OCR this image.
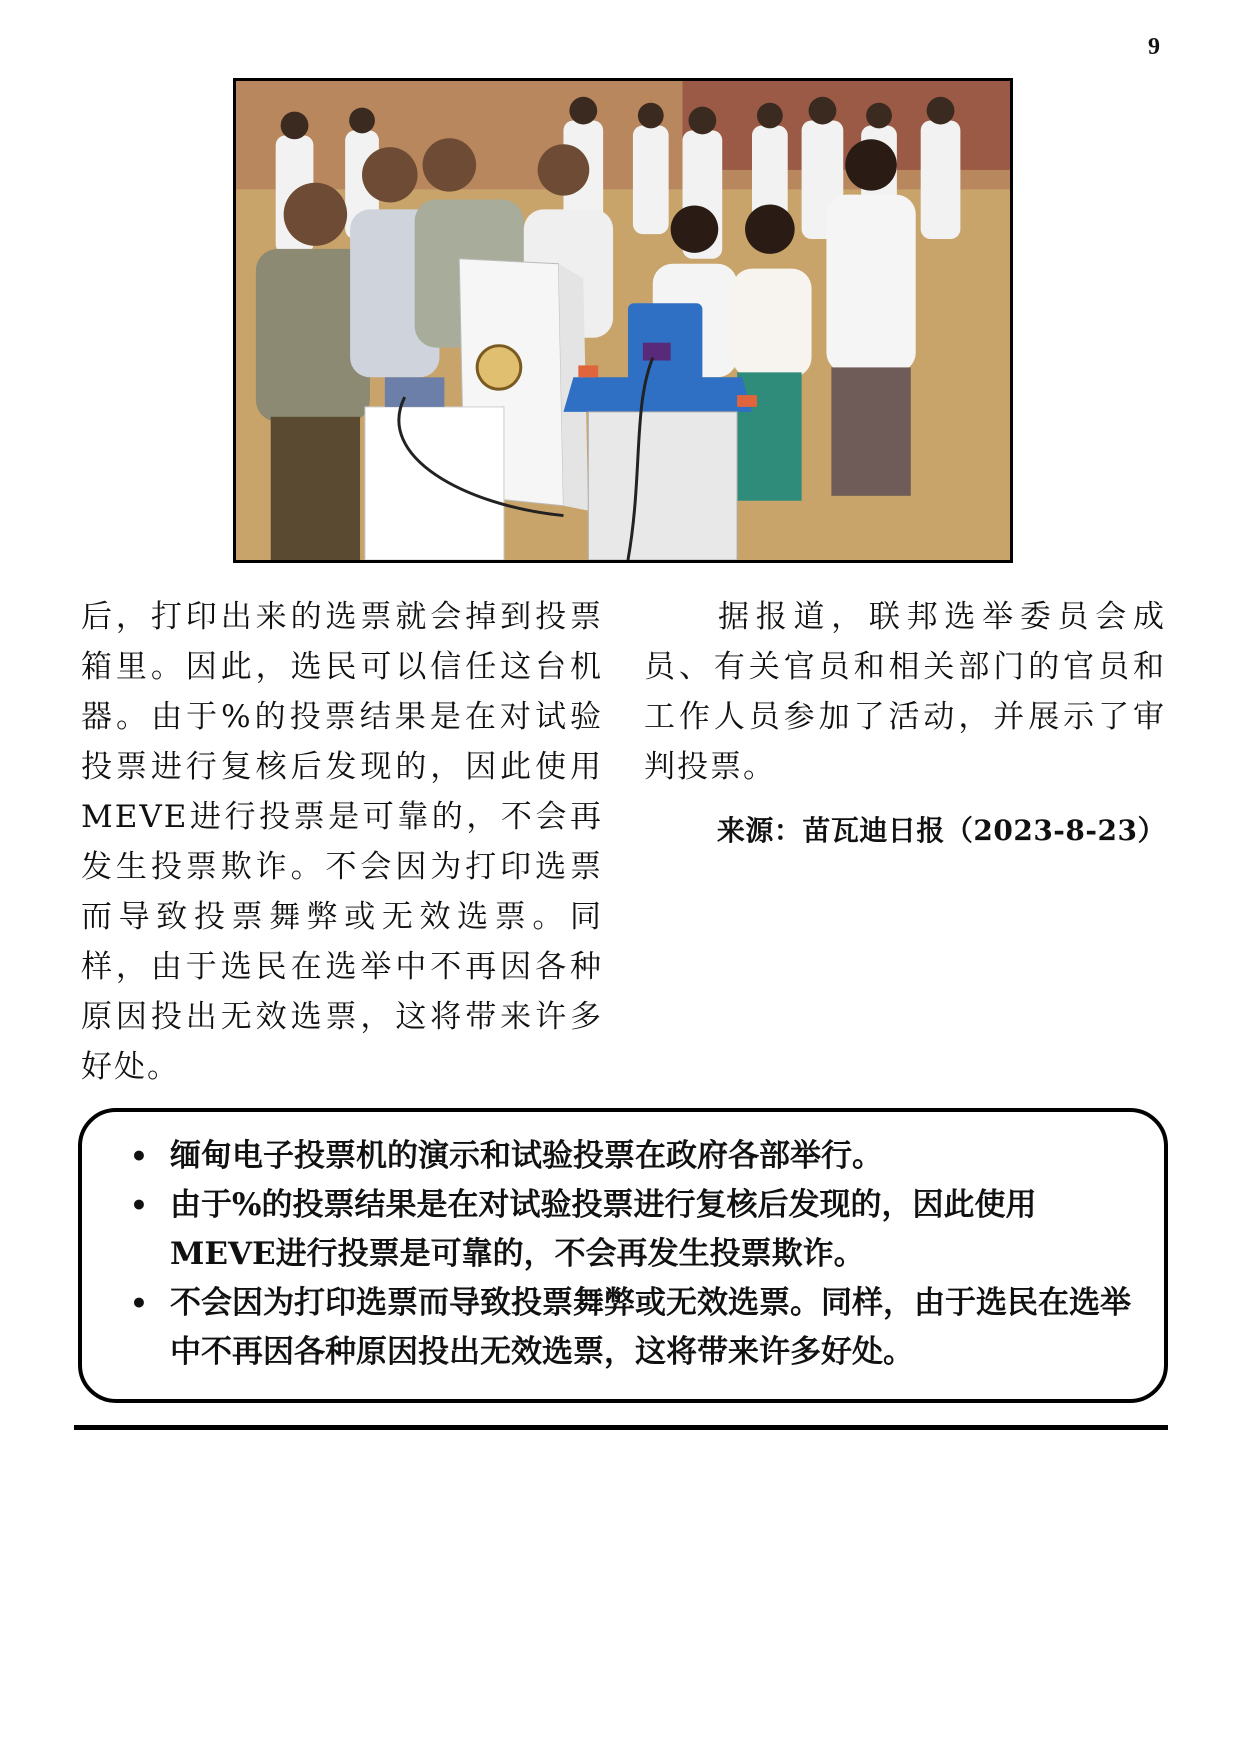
9

后，打印出来的选票就会掉到投票箱里。因此，选民可以信任这台机器。由于%的投票结果是在对试验投票进行复核后发现的，因此使用MEVE进行投票是可靠的，不会再发生投票欺诈。不会因为打印选票而导致投票舞弊或无效选票。同样，由于选民在选举中不再因各种原因投出无效选票，这将带来许多好处。

据报道，联邦选举委员会成员、有关官员和相关部门的官员和工作人员参加了活动，并展示了审判投票。

来源：苗瓦迪日报（2023-8-23）
• 缅甸电子投票机的演示和试验投票在政府各部举行。
• 由于%的投票结果是在对试验投票进行复核后发现的，因此使用MEVE进行投票是可靠的，不会再发生投票欺诈。
• 不会因为打印选票而导致投票舞弊或无效选票。同样，由于选民在选举中不再因各种原因投出无效选票，这将带来许多好处。
